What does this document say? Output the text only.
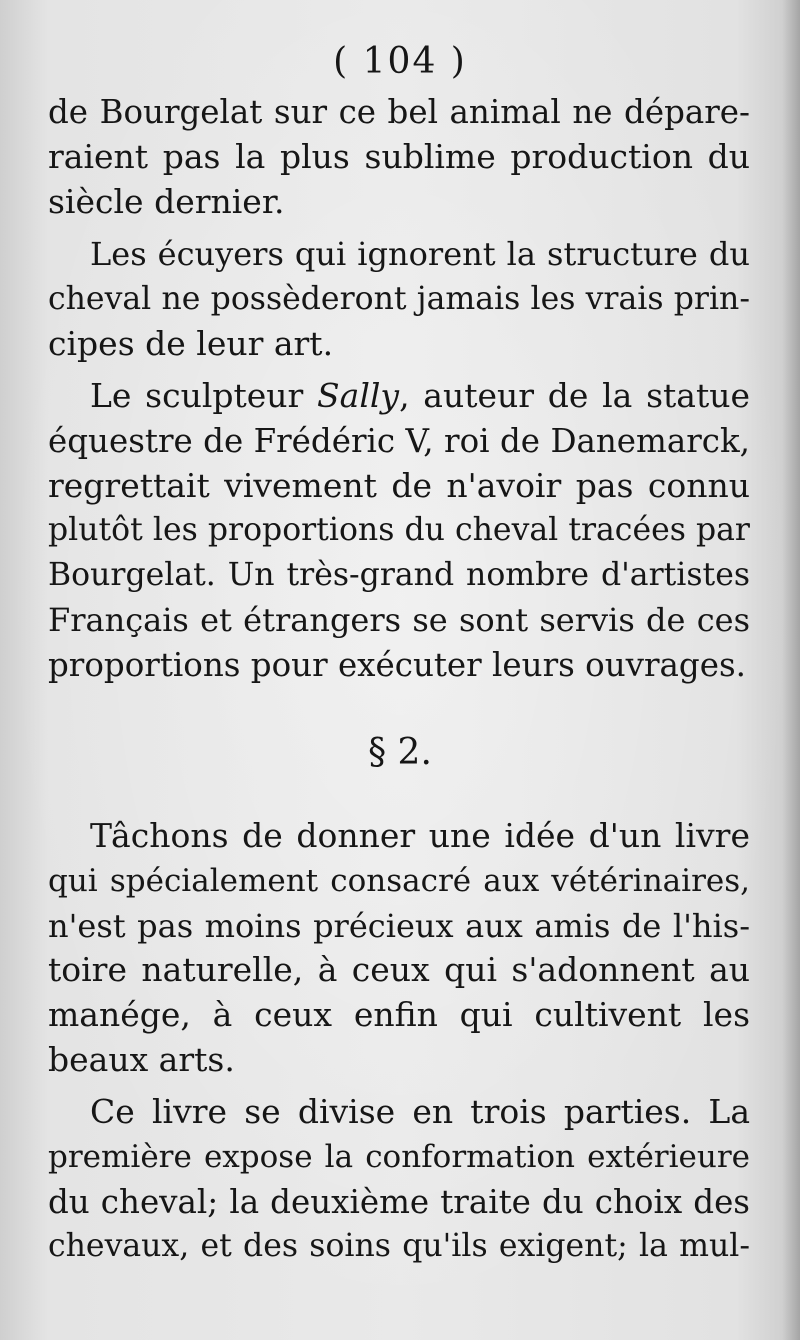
( 104 )
de Bourgelat sur ce bel animal ne dépare-
raient pas la plus sublime production du
siècle dernier.
Les écuyers qui ignorent la structure du
cheval ne possèderont jamais les vrais prin-
cipes de leur art.
Le sculpteur Sally, auteur de la statue
équestre de Frédéric V, roi de Danemarck,
regrettait vivement de n'avoir pas connu
plutôt les proportions du cheval tracées par
Bourgelat. Un très-grand nombre d'artistes
Français et étrangers se sont servis de ces
proportions pour exécuter leurs ouvrages.
§ 2.
Tâchons de donner une idée d'un livre
qui spécialement consacré aux vétérinaires,
n'est pas moins précieux aux amis de l'his-
toire naturelle, à ceux qui s'adonnent au
manége, à ceux enfin qui cultivent les
beaux arts.
Ce livre se divise en trois parties. La
première expose la conformation extérieure
du cheval; la deuxième traite du choix des
chevaux, et des soins qu'ils exigent; la mul-
